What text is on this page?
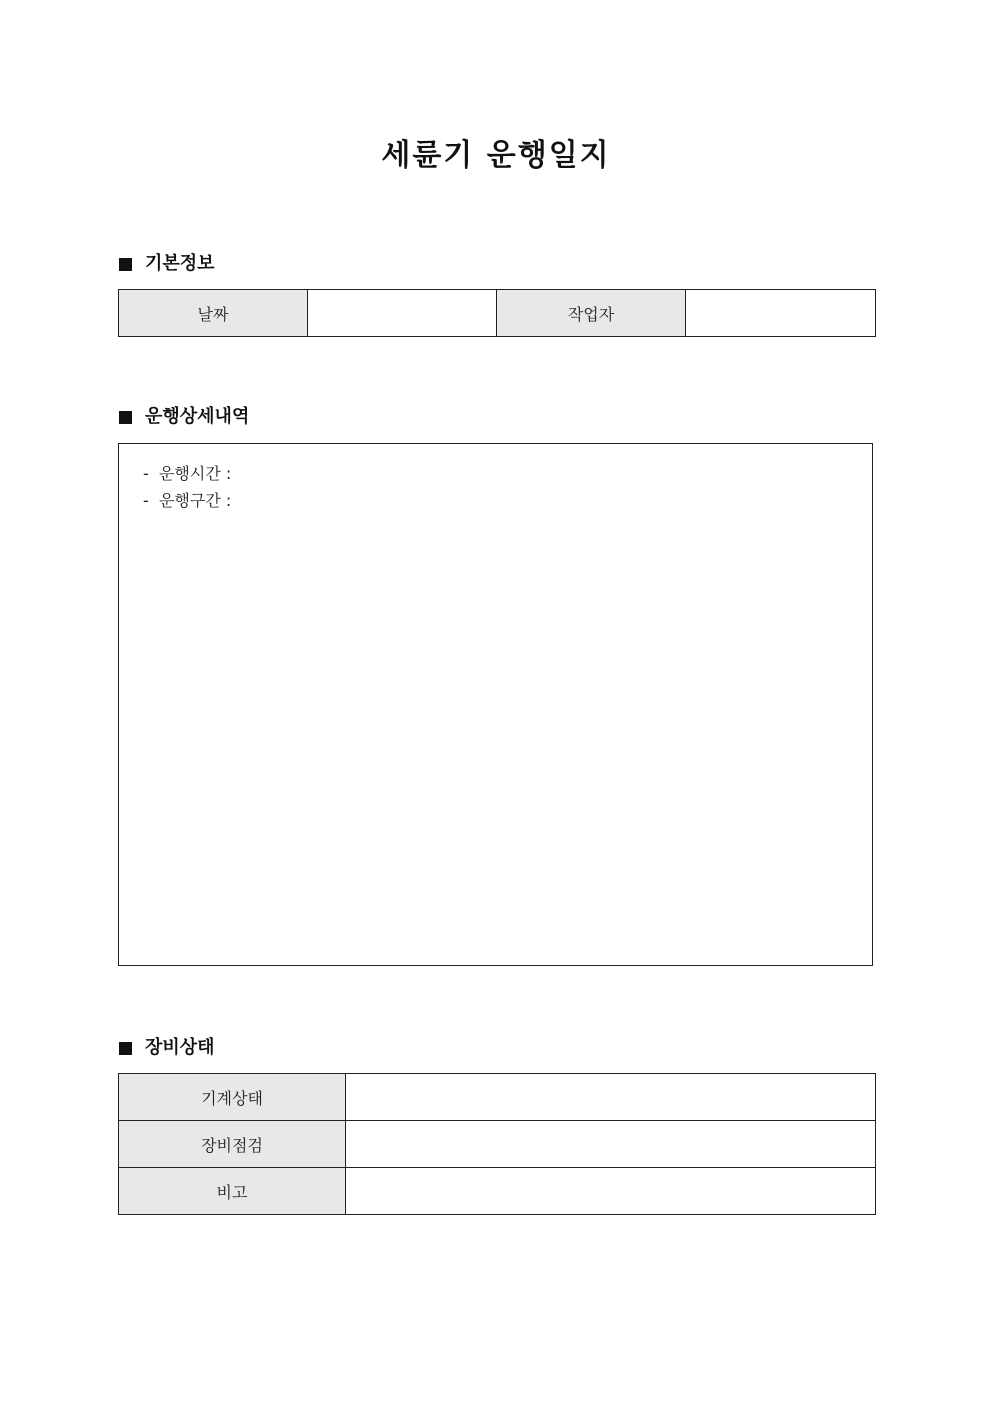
세륜기 운행일지
기본정보
날짜		작업자	
운행상세내역
-  운행시간 :
-  운행구간 :
장비상태
기계상태	
장비점검	
비고	
